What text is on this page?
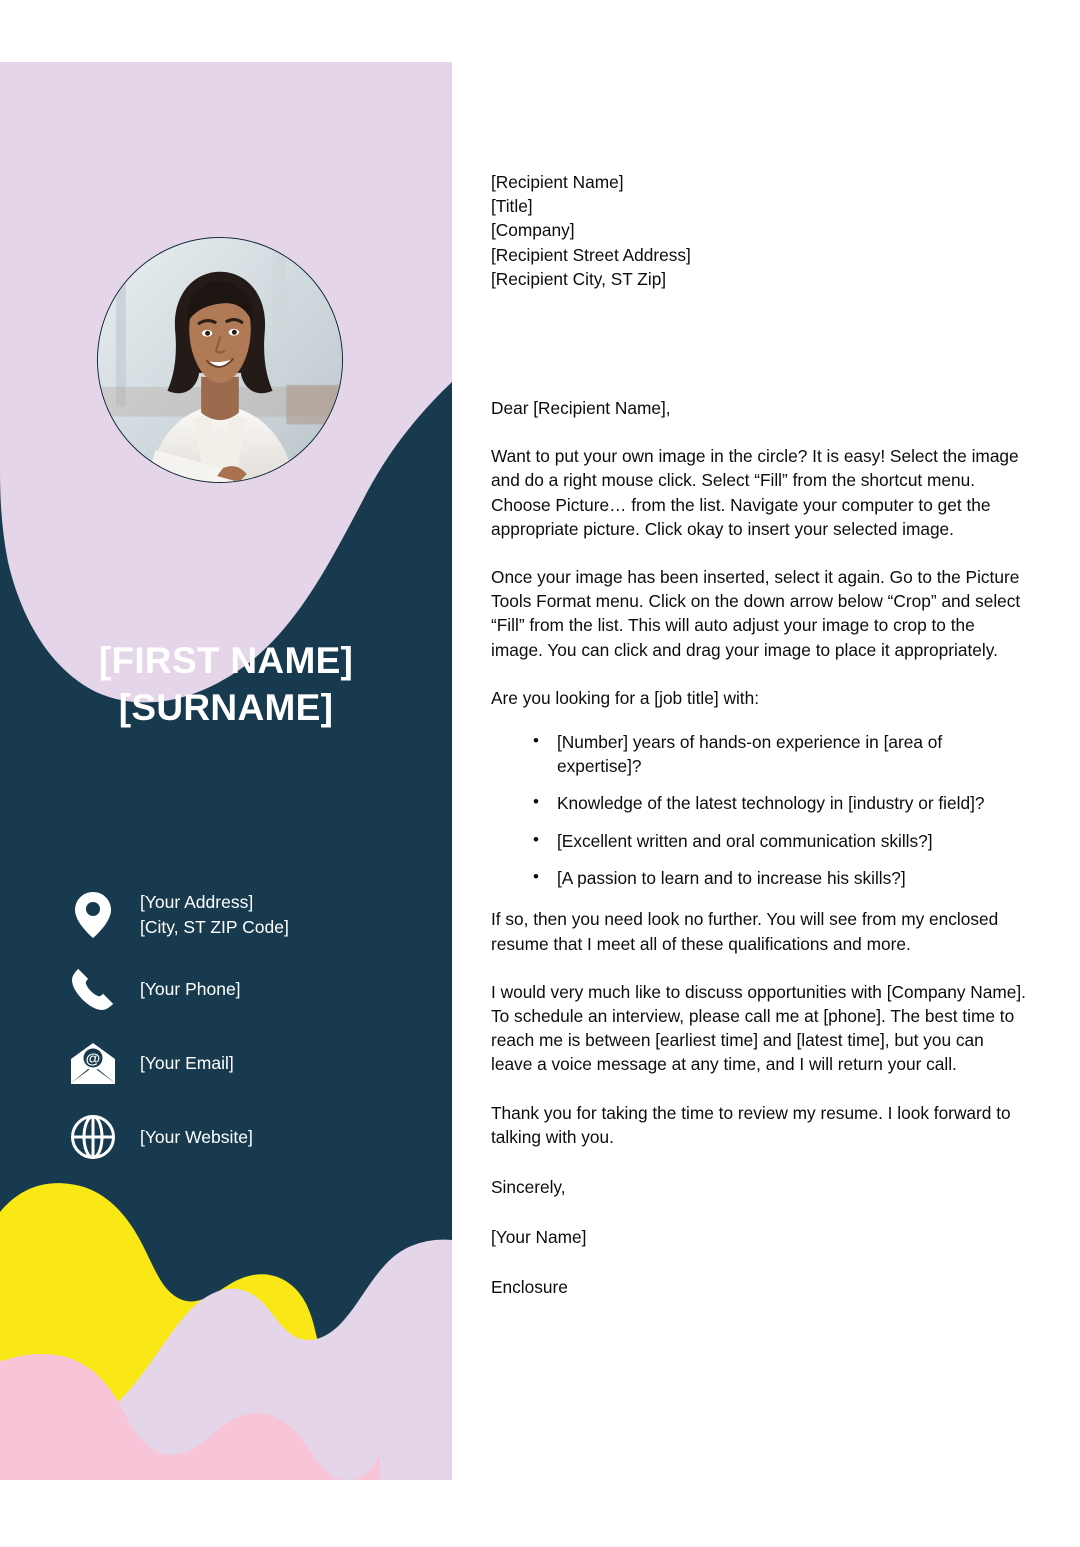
[FIRST NAME]
[SURNAME]
[Your Address]
[City, ST ZIP Code]
[Your Phone]
@ [Your Email]
[Your Website]
[Recipient Name]
[Title]
[Company]
[Recipient Street Address]
[Recipient City, ST Zip]
Dear [Recipient Name],
Want to put your own image in the circle? It is easy! Select the image and do a right mouse click. Select “Fill” from the shortcut menu. Choose Picture… from the list. Navigate your computer to get the appropriate picture. Click okay to insert your selected image.
Once your image has been inserted, select it again. Go to the Picture Tools Format menu. Click on the down arrow below “Crop” and select “Fill” from the list. This will auto adjust your image to crop to the image. You can click and drag your image to place it appropriately.
Are you looking for a [job title] with:
• [Number] years of hands-on experience in [area of expertise]?
• Knowledge of the latest technology in [industry or field]?
• [Excellent written and oral communication skills?]
• [A passion to learn and to increase his skills?]
If so, then you need look no further. You will see from my enclosed resume that I meet all of these qualifications and more.
I would very much like to discuss opportunities with [Company Name]. To schedule an interview, please call me at [phone]. The best time to reach me is between [earliest time] and [latest time], but you can leave a voice message at any time, and I will return your call.
Thank you for taking the time to review my resume. I look forward to talking with you.
Sincerely,
[Your Name]
Enclosure
